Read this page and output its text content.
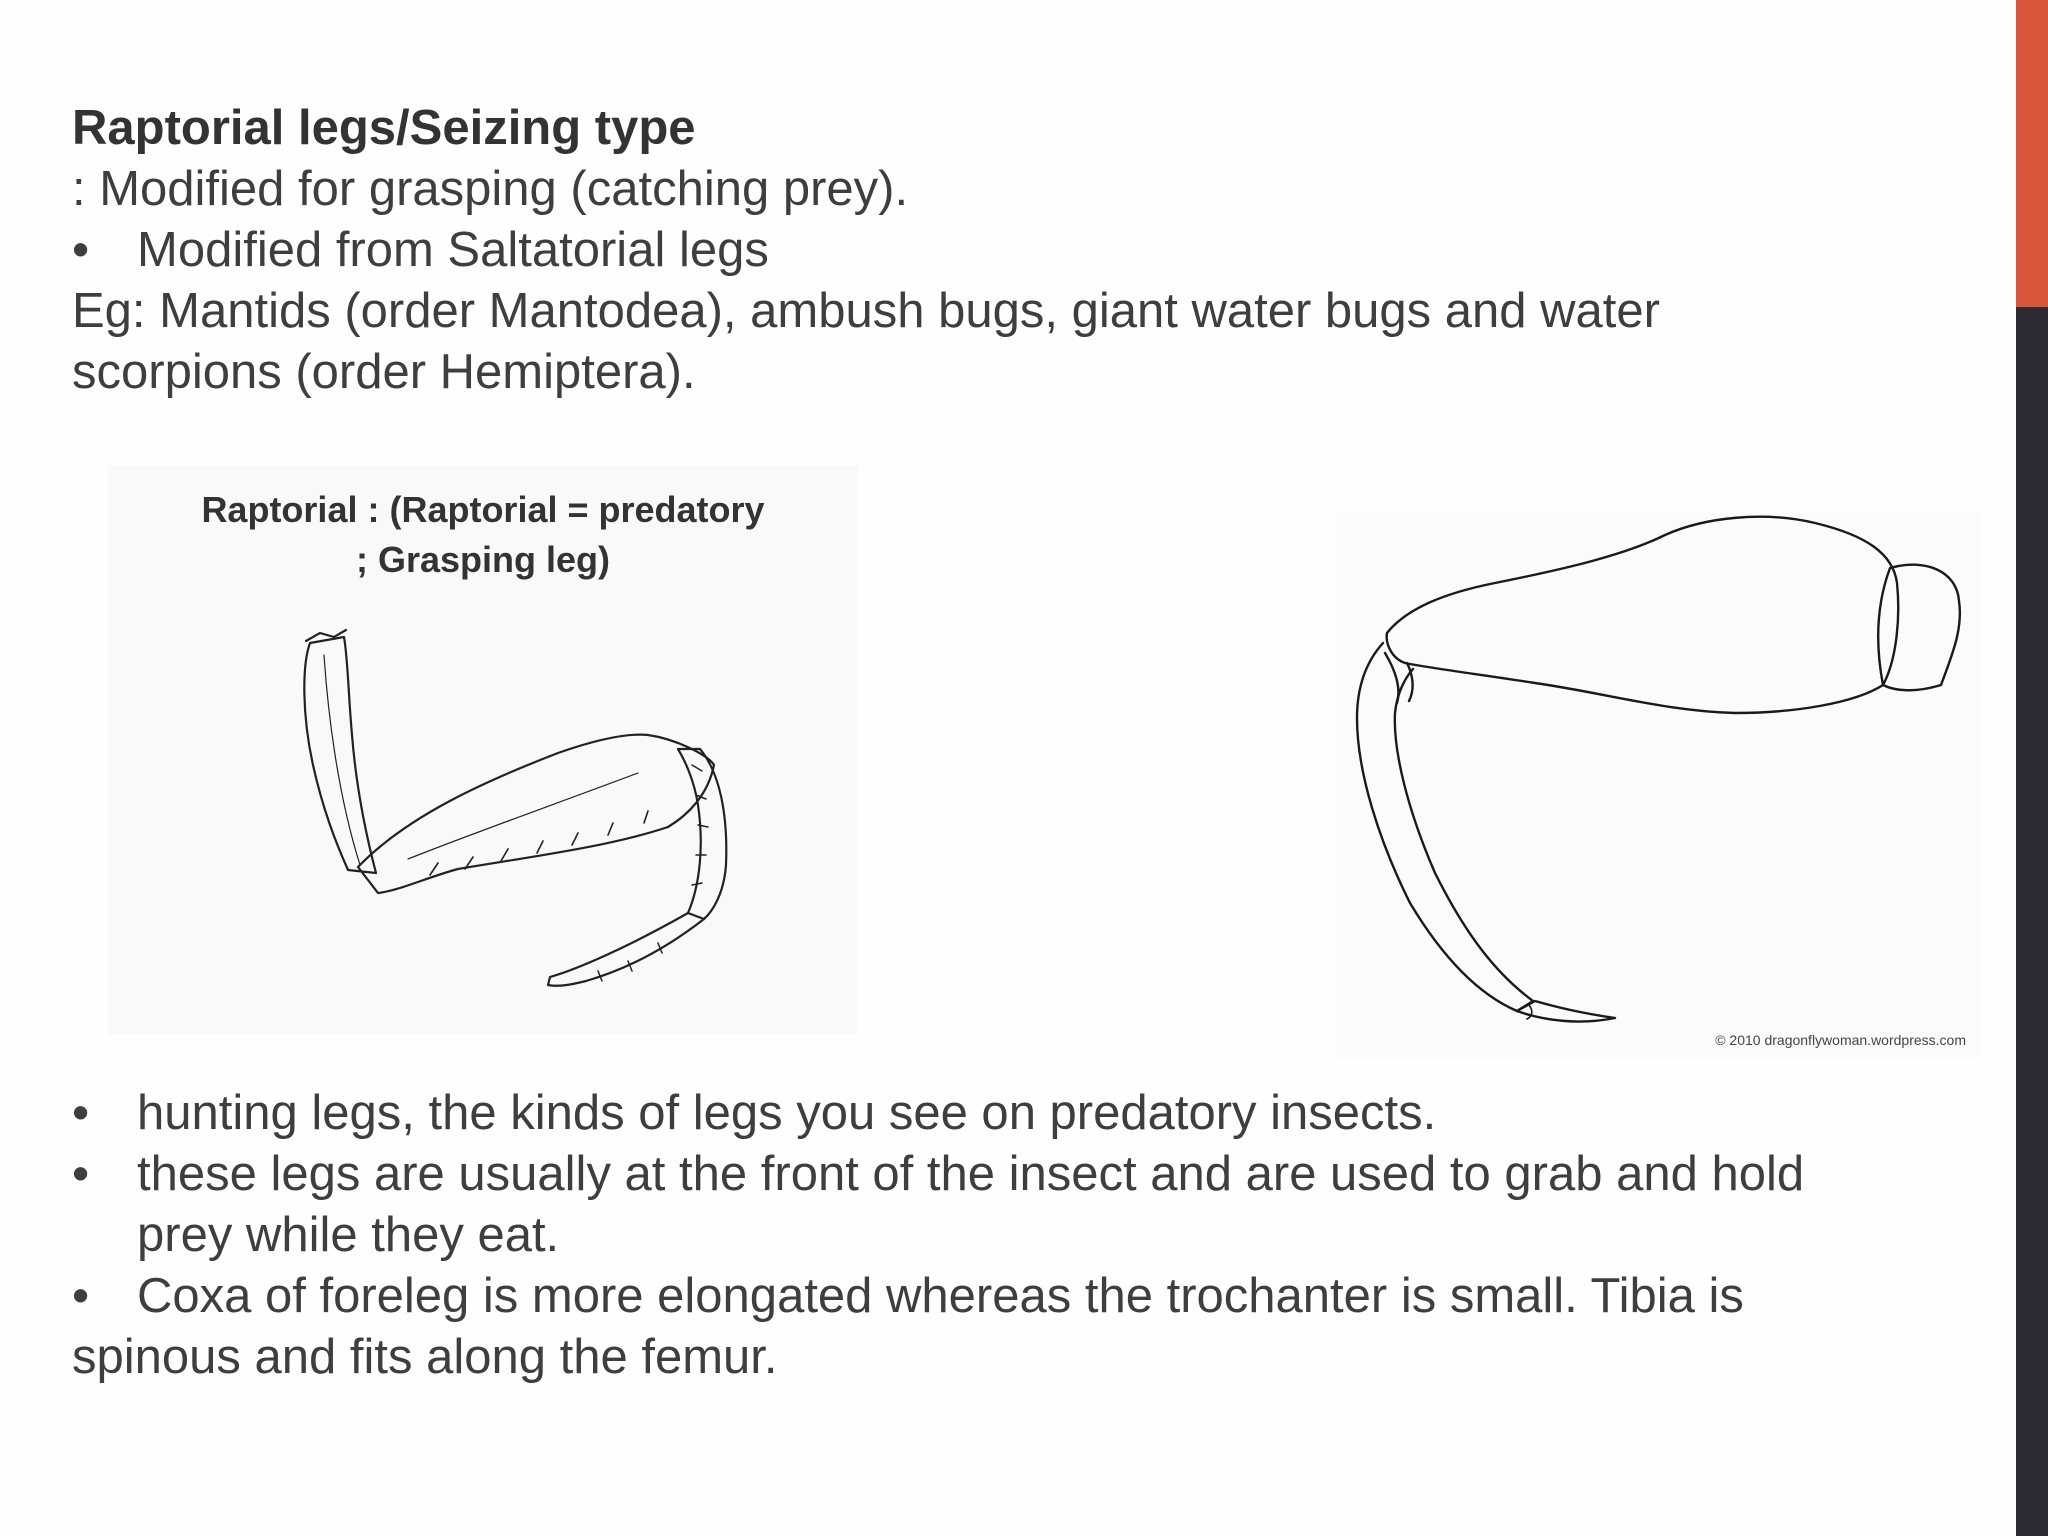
Raptorial legs/Seizing type
: Modified for grasping (catching prey).
• Modified from Saltatorial legs
Eg: Mantids (order Mantodea), ambush bugs, giant water bugs and water
scorpions (order Hemiptera).
Raptorial : (Raptorial = predatory
; Grasping leg)
© 2010 dragonflywoman.wordpress.com
• hunting legs, the kinds of legs you see on predatory insects.
• these legs are usually at the front of the insect and are used to grab and hold
prey while they eat.
• Coxa of foreleg is more elongated whereas the trochanter is small. Tibia is
spinous and fits along the femur.
